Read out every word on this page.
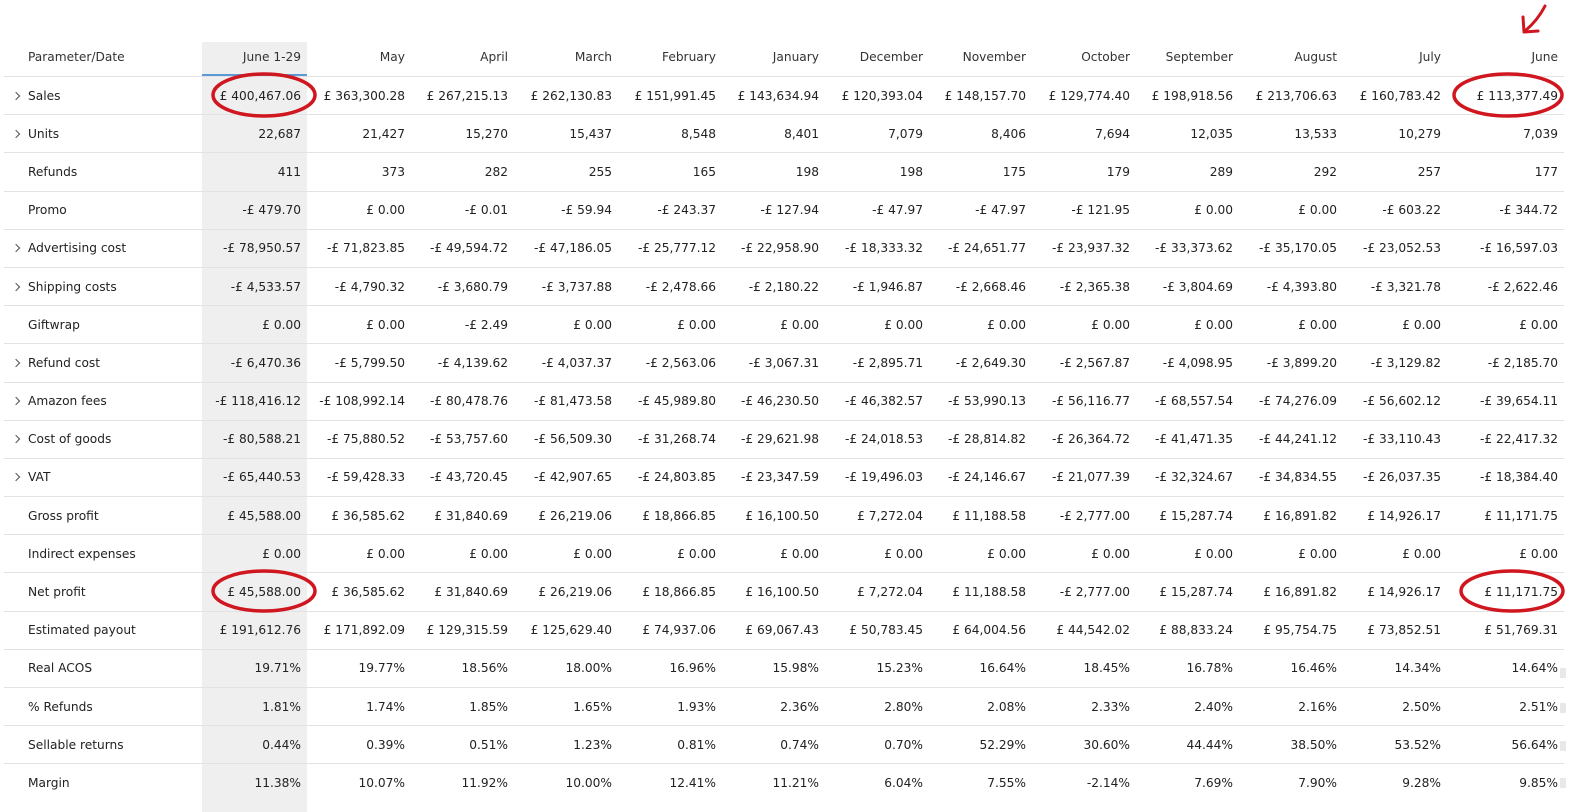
Parameter/Date	June 1-29	May	April	March	February	January	December	November	October	September	August	July	June

Sales	£ 400,467.06	£ 363,300.28	£ 267,215.13	£ 262,130.83	£ 151,991.45	£ 143,634.94	£ 120,393.04	£ 148,157.70	£ 129,774.40	£ 198,918.56	£ 213,706.63	£ 160,783.42	£ 113,377.49

Units	22,687	21,427	15,270	15,437	8,548	8,401	7,079	8,406	7,694	12,035	13,533	10,279	7,039

Refunds	411	373	282	255	165	198	198	175	179	289	292	257	177

Promo	-£ 479.70	£ 0.00	-£ 0.01	-£ 59.94	-£ 243.37	-£ 127.94	-£ 47.97	-£ 47.97	-£ 121.95	£ 0.00	£ 0.00	-£ 603.22	-£ 344.72

Advertising cost	-£ 78,950.57	-£ 71,823.85	-£ 49,594.72	-£ 47,186.05	-£ 25,777.12	-£ 22,958.90	-£ 18,333.32	-£ 24,651.77	-£ 23,937.32	-£ 33,373.62	-£ 35,170.05	-£ 23,052.53	-£ 16,597.03

Shipping costs	-£ 4,533.57	-£ 4,790.32	-£ 3,680.79	-£ 3,737.88	-£ 2,478.66	-£ 2,180.22	-£ 1,946.87	-£ 2,668.46	-£ 2,365.38	-£ 3,804.69	-£ 4,393.80	-£ 3,321.78	-£ 2,622.46

Giftwrap	£ 0.00	£ 0.00	-£ 2.49	£ 0.00	£ 0.00	£ 0.00	£ 0.00	£ 0.00	£ 0.00	£ 0.00	£ 0.00	£ 0.00	£ 0.00

Refund cost	-£ 6,470.36	-£ 5,799.50	-£ 4,139.62	-£ 4,037.37	-£ 2,563.06	-£ 3,067.31	-£ 2,895.71	-£ 2,649.30	-£ 2,567.87	-£ 4,098.95	-£ 3,899.20	-£ 3,129.82	-£ 2,185.70

Amazon fees	-£ 118,416.12	-£ 108,992.14	-£ 80,478.76	-£ 81,473.58	-£ 45,989.80	-£ 46,230.50	-£ 46,382.57	-£ 53,990.13	-£ 56,116.77	-£ 68,557.54	-£ 74,276.09	-£ 56,602.12	-£ 39,654.11

Cost of goods	-£ 80,588.21	-£ 75,880.52	-£ 53,757.60	-£ 56,509.30	-£ 31,268.74	-£ 29,621.98	-£ 24,018.53	-£ 28,814.82	-£ 26,364.72	-£ 41,471.35	-£ 44,241.12	-£ 33,110.43	-£ 22,417.32

VAT	-£ 65,440.53	-£ 59,428.33	-£ 43,720.45	-£ 42,907.65	-£ 24,803.85	-£ 23,347.59	-£ 19,496.03	-£ 24,146.67	-£ 21,077.39	-£ 32,324.67	-£ 34,834.55	-£ 26,037.35	-£ 18,384.40

Gross profit	£ 45,588.00	£ 36,585.62	£ 31,840.69	£ 26,219.06	£ 18,866.85	£ 16,100.50	£ 7,272.04	£ 11,188.58	-£ 2,777.00	£ 15,287.74	£ 16,891.82	£ 14,926.17	£ 11,171.75

Indirect expenses	£ 0.00	£ 0.00	£ 0.00	£ 0.00	£ 0.00	£ 0.00	£ 0.00	£ 0.00	£ 0.00	£ 0.00	£ 0.00	£ 0.00	£ 0.00

Net profit	£ 45,588.00	£ 36,585.62	£ 31,840.69	£ 26,219.06	£ 18,866.85	£ 16,100.50	£ 7,272.04	£ 11,188.58	-£ 2,777.00	£ 15,287.74	£ 16,891.82	£ 14,926.17	£ 11,171.75

Estimated payout	£ 191,612.76	£ 171,892.09	£ 129,315.59	£ 125,629.40	£ 74,937.06	£ 69,067.43	£ 50,783.45	£ 64,004.56	£ 44,542.02	£ 88,833.24	£ 95,754.75	£ 73,852.51	£ 51,769.31

Real ACOS	19.71%	19.77%	18.56%	18.00%	16.96%	15.98%	15.23%	16.64%	18.45%	16.78%	16.46%	14.34%	14.64%

% Refunds	1.81%	1.74%	1.85%	1.65%	1.93%	2.36%	2.80%	2.08%	2.33%	2.40%	2.16%	2.50%	2.51%

Sellable returns	0.44%	0.39%	0.51%	1.23%	0.81%	0.74%	0.70%	52.29%	30.60%	44.44%	38.50%	53.52%	56.64%

Margin	11.38%	10.07%	11.92%	10.00%	12.41%	11.21%	6.04%	7.55%	-2.14%	7.69%	7.90%	9.28%	9.85%
